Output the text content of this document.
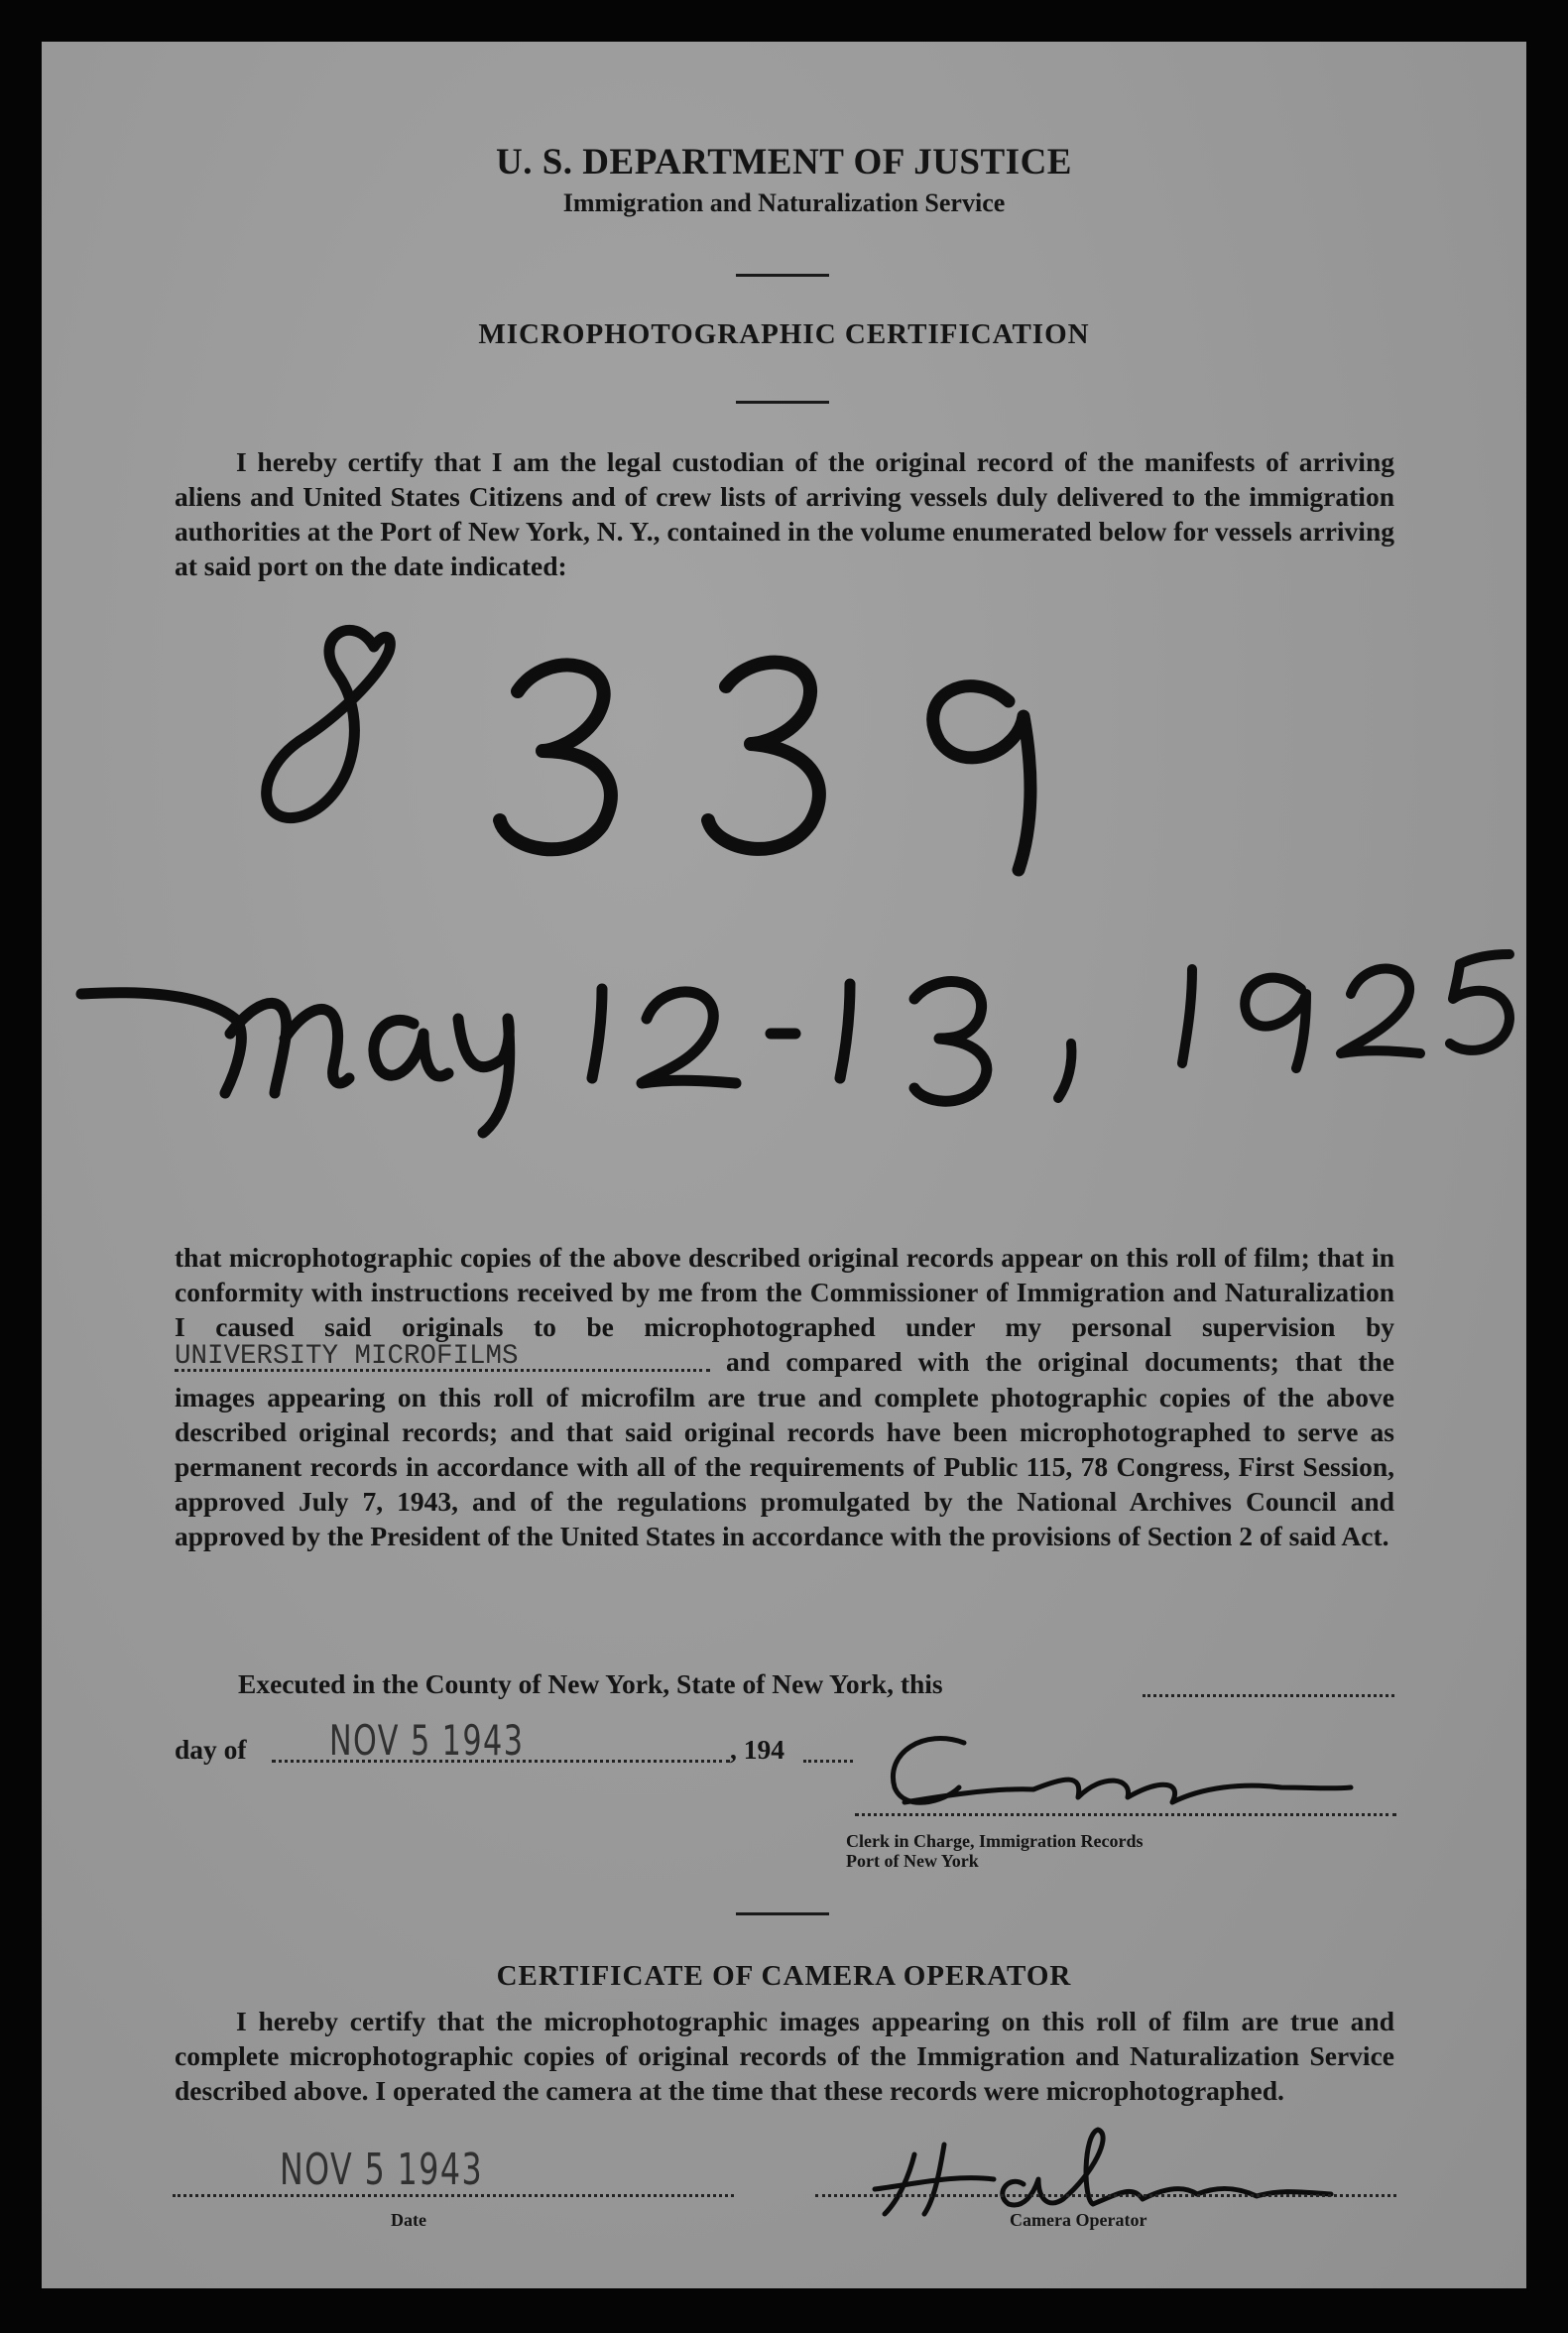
U. S. DEPARTMENT OF JUSTICE
Immigration and Naturalization Service
MICROPHOTOGRAPHIC CERTIFICATION
I hereby certify that I am the legal custodian of the original record of the manifests of arriving aliens and United States Citizens and of crew lists of arriving vessels duly delivered to the immigration authorities at the Port of New York, N. Y., contained in the volume enumerated below for vessels arriving at said port on the date indicated:
that microphotographic copies of the above described original records appear on this roll of film; that in conformity with instructions received by me from the Commissioner of Immigration and Naturalization I caused said originals to be microphotographed under my personal supervision by UNIVERSITY MICROFILMS	and compared with the original documents; that the images appearing on this roll of microfilm are true and complete photographic copies of the above described original records; and that said original records have been microphotographed to serve as permanent records in accordance with all of the requirements of Public 115, 78 Congress, First Session, approved July 7, 1943, and of the regulations promulgated by the National Archives Council and approved by the President of the United States in accordance with the provisions of Section 2 of said Act.
Executed in the County of New York, State of New York, this
day of NOV 5 1943	, 194
Clerk in Charge, Immigration Records
Port of New York
CERTIFICATE OF CAMERA OPERATOR
I hereby certify that the microphotographic images appearing on this roll of film are true and complete microphotographic copies of original records of the Immigration and Naturalization Service described above. I operated the camera at the time that these records were microphotographed.
NOV 5 1943
Date	Camera Operator
